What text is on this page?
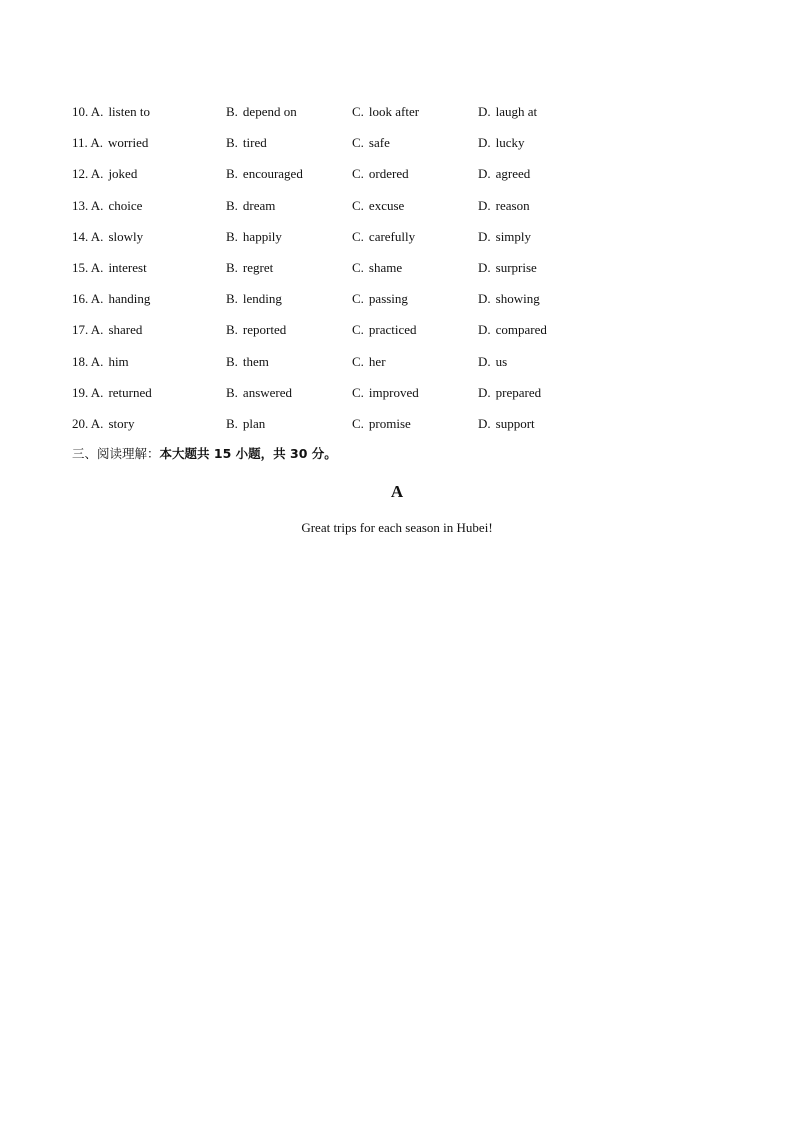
10. A. listen to	B. depend on	C. look after	D. laugh at
11. A. worried	B. tired	C. safe	D. lucky
12. A. joked	B. encouraged	C. ordered	D. agreed
13. A. choice	B. dream	C. excuse	D. reason
14. A. slowly	B. happily	C. carefully	D. simply
15. A. interest	B. regret	C. shame	D. surprise
16. A. handing	B. lending	C. passing	D. showing
17. A. shared	B. reported	C. practiced	D. compared
18. A. him	B. them	C. her	D. us
19. A. returned	B. answered	C. improved	D. prepared
20. A. story	B. plan	C. promise	D. support
三、阅读理解：本大题共 15 小题，共 30 分。
A
Great trips for each season in Hubei!
